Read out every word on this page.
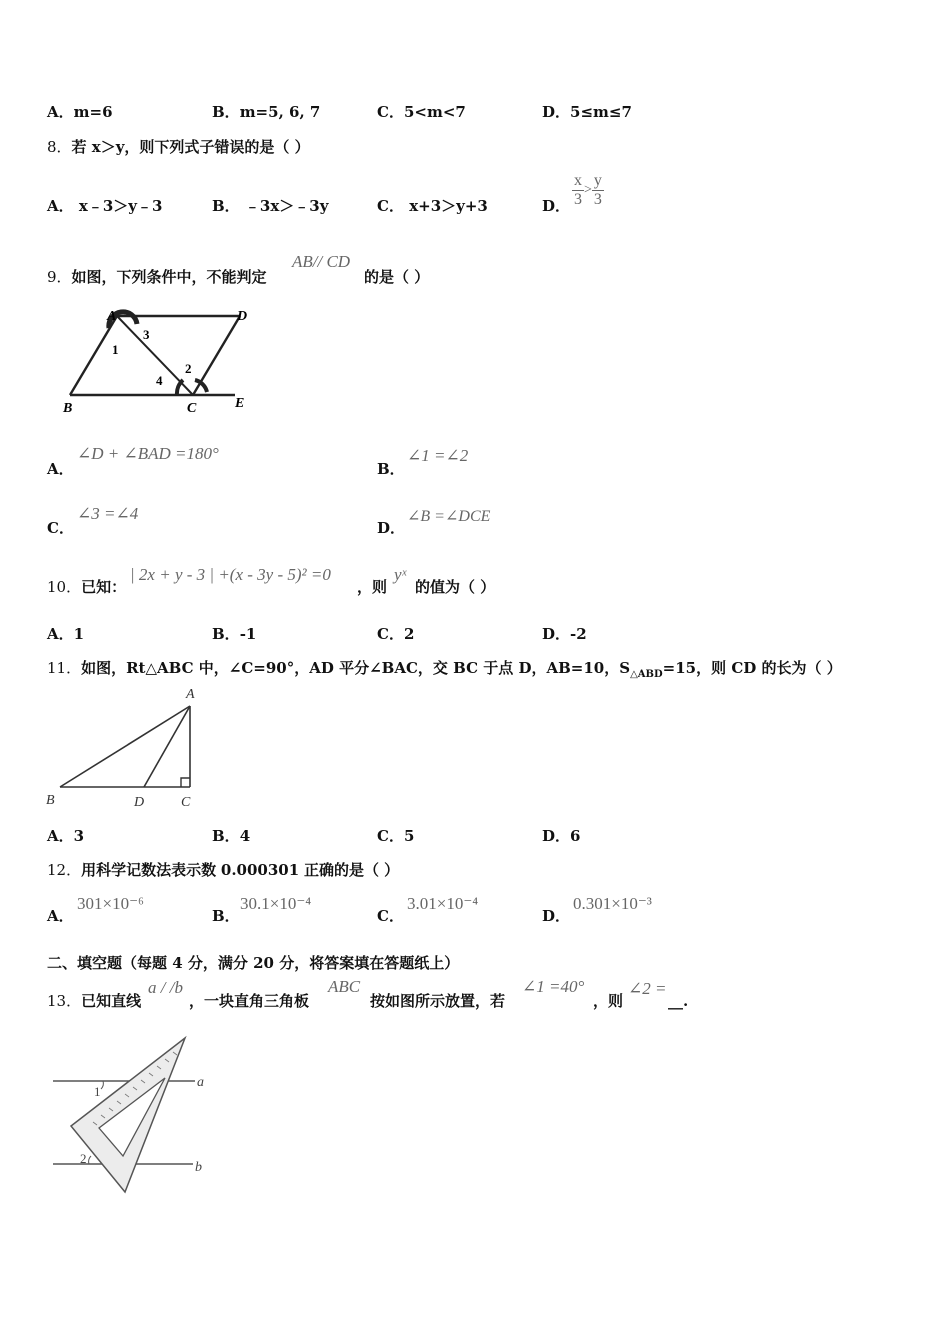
A．m=6	B．m=5, 6, 7	C．5<m<7	D．5≤m≤7
8．若 x＞y，则下列式子错误的是（ ）
A． x﹣3＞y﹣3	B． ﹣3x＞﹣3y	C． x+3＞y+3	D． $\frac{x}{3} > \frac{y}{3}$
9．如图，下列条件中，不能判定
AB// CD
的是（ ）
A	D
B	C	E
1
2
3
4
A．
∠D + ∠BAD =180°
B．
∠1 =∠2
C．
∠3 =∠4
D．
∠B =∠DCE
10．已知：
| 2x + y - 3 | +(x - 3y - 5)² =0
，则
yˣ
的值为（ ）
A．1	B．-1	C．2	D．-2
11．如图，Rt△ABC 中，∠C=90°，AD 平分∠BAC，交 BC 于点 D，AB=10，$S_{\triangle ABD}=15$，则 CD 的长为（ ）
A
B	D	C
A．3	B．4	C．5	D．6
12．用科学记数法表示数 0.000301 正确的是（ ）
A．
301×10⁻⁶
B．
30.1×10⁻⁴
C．
3.01×10⁻⁴
D．
0.301×10⁻³
二、填空题（每题 4 分，满分 20 分，将答案填在答题纸上）
13．已知直线
a / /b
，一块直角三角板
ABC
按如图所示放置，若
∠1 =40°
，则
∠2 =
__.
1
2
a
b
